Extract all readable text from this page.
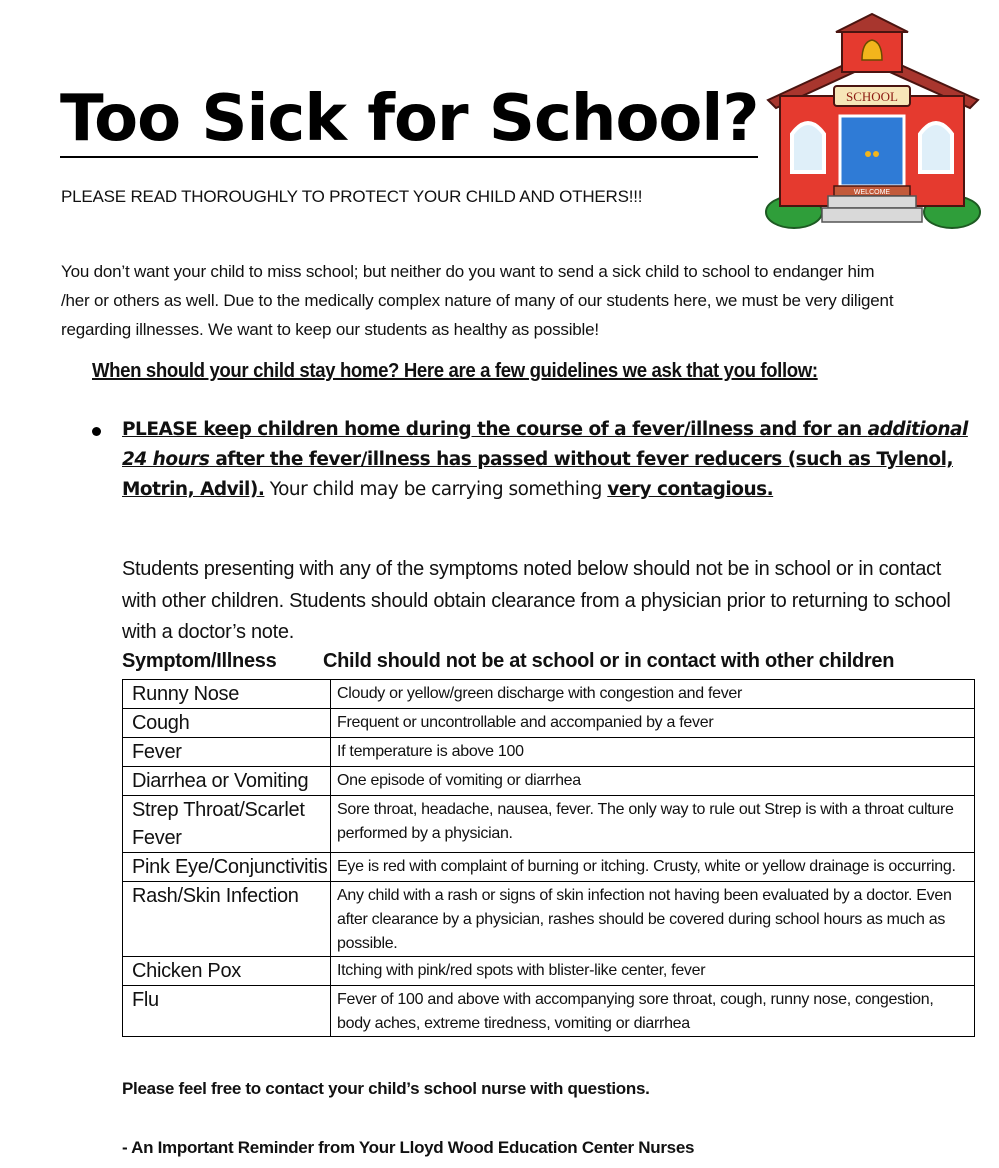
Too Sick for School?
PLEASE READ THOROUGHLY TO PROTECT YOUR CHILD AND OTHERS!!!
You don’t want your child to miss school; but neither do you want to send a sick child to school to endanger him
/her or others as well. Due to the medically complex nature of many of our students here, we must be very diligent
regarding illnesses. We want to keep our students as healthy as possible!
When should your child stay home? Here are a few guidelines we ask that you follow:
PLEASE keep children home during the course of a fever/illness and for an additional 24 hours after the fever/illness has passed without fever reducers (such as Tylenol, Motrin, Advil). Your child may be carrying something very contagious.
Students presenting with any of the symptoms noted below should not be in school or in contact
with other children. Students should obtain clearance from a physician prior to returning to school
with a doctor’s note.
Symptom/Illness Child should not be at school or in contact with other children
Runny Nose	Cloudy or yellow/green discharge with congestion and fever
Cough	Frequent or uncontrollable and accompanied by a fever
Fever	If temperature is above 100
Diarrhea or Vomiting	One episode of vomiting or diarrhea
Strep Throat/Scarlet Fever	Sore throat, headache, nausea, fever. The only way to rule out Strep is with a throat culture performed by a physician.
Pink Eye/Conjunctivitis	Eye is red with complaint of burning or itching. Crusty, white or yellow drainage is occurring.
Rash/Skin Infection	Any child with a rash or signs of skin infection not having been evaluated by a doctor. Even after clearance by a physician, rashes should be covered during school hours as much as possible.
Chicken Pox	Itching with pink/red spots with blister-like center, fever
Flu	Fever of 100 and above with accompanying sore throat, cough, runny nose, congestion, body aches, extreme tiredness, vomiting or diarrhea
Please feel free to contact your child’s school nurse with questions.
- An Important Reminder from Your Lloyd Wood Education Center Nurses
SCHOOL
WELCOME
